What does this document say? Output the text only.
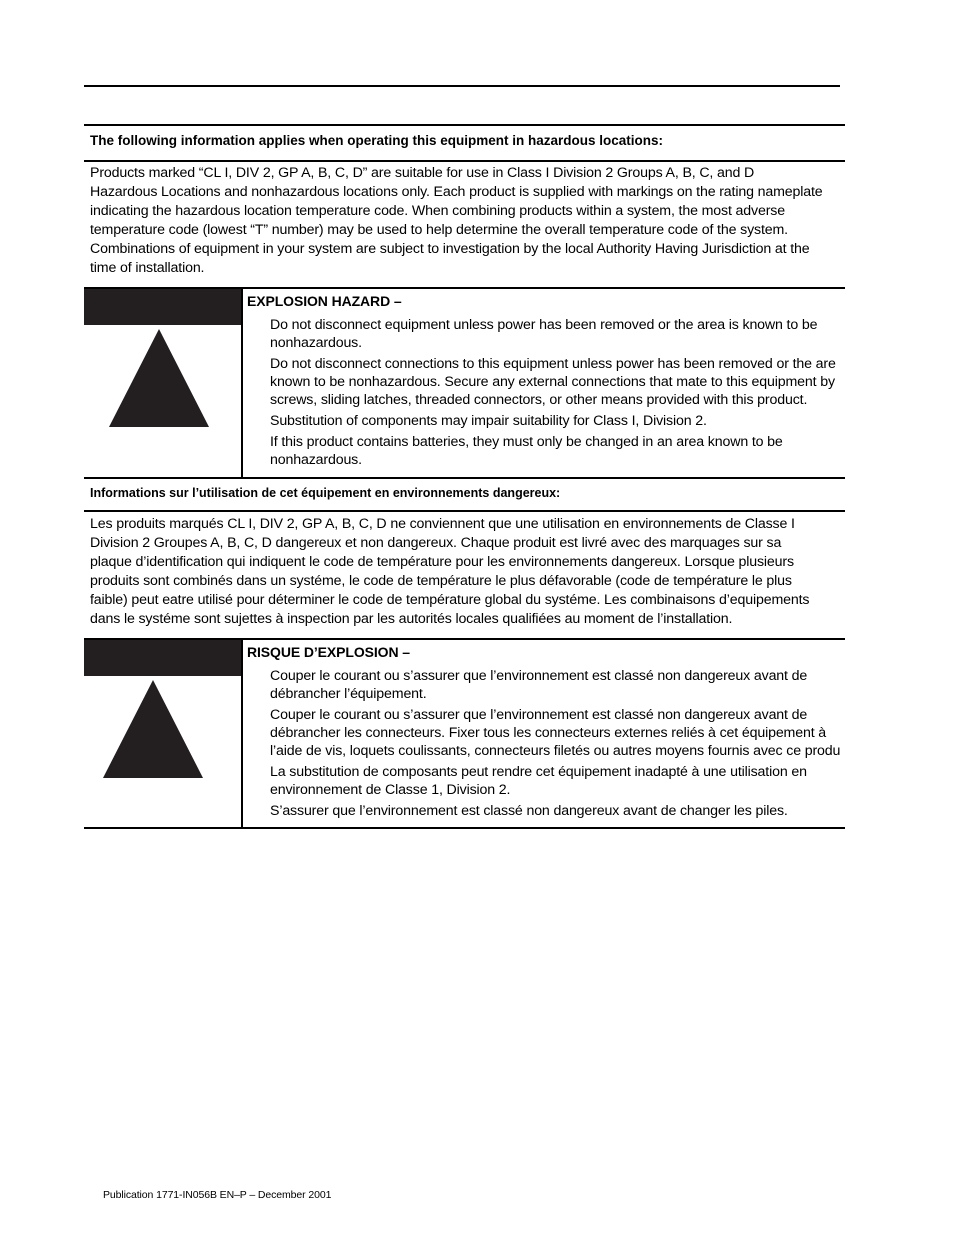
The following information applies when operating this equipment in hazardous locations:
Products marked “CL I, DIV 2, GP A, B, C, D” are suitable for use in Class I Division 2 Groups A, B, C, and D
Hazardous Locations and nonhazardous locations only. Each product is supplied with markings on the rating nameplate
indicating the hazardous location temperature code. When combining products within a system, the most adverse
temperature code (lowest “T” number) may be used to help determine the overall temperature code of the system.
Combinations of equipment in your system are subject to investigation by the local Authority Having Jurisdiction at the
time of installation.
EXPLOSION HAZARD –
Do not disconnect equipment unless power has been removed or the area is known to be
nonhazardous.
Do not disconnect connections to this equipment unless power has been removed or the are
known to be nonhazardous. Secure any external connections that mate to this equipment by
screws, sliding latches, threaded connectors, or other means provided with this product.
Substitution of components may impair suitability for Class I, Division 2.
If this product contains batteries, they must only be changed in an area known to be
nonhazardous.
Informations sur l’utilisation de cet équipement en environnements dangereux:
Les produits marqués CL I, DIV 2, GP A, B, C, D ne conviennent que une utilisation en environnements de Classe I
Division 2 Groupes A, B, C, D dangereux et non dangereux. Chaque produit est livré avec des marquages sur sa
plaque d’identification qui indiquent le code de température pour les environnements dangereux. Lorsque plusieurs
produits sont combinés dans un systéme, le code de température le plus défavorable (code de température le plus
faible) peut eatre utilisé pour déterminer le code de température global du systéme. Les combinaisons d’equipements
dans le systéme sont sujettes à inspection par les autorités locales qualifiées au moment de l’installation.
RISQUE D’EXPLOSION –
Couper le courant ou s’assurer que l’environnement est classé non dangereux avant de
débrancher l’équipement.
Couper le courant ou s’assurer que l’environnement est classé non dangereux avant de
débrancher les connecteurs. Fixer tous les connecteurs externes reliés à cet équipement à
l’aide de vis, loquets coulissants, connecteurs filetés ou autres moyens fournis avec ce produ
La substitution de composants peut rendre cet équipement inadapté à une utilisation en
environnement de Classe 1, Division 2.
S’assurer que l’environnement est classé non dangereux avant de changer les piles.
Publication 1771-IN056B EN–P – December 2001
